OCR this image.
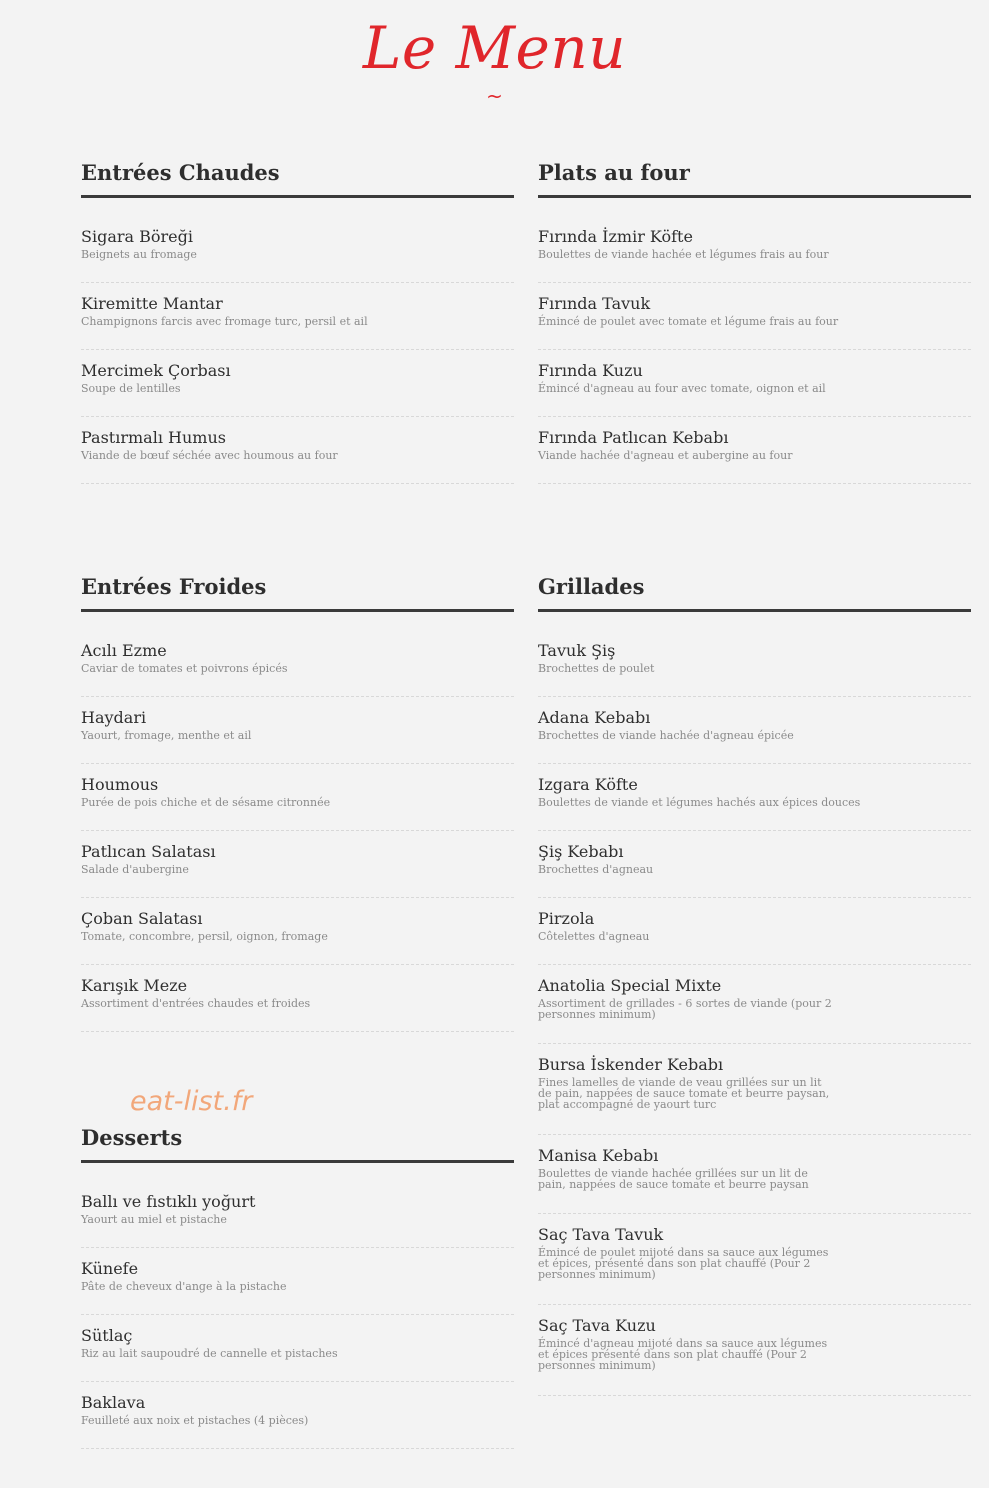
Le Menu
~
Entrées Chaudes
Sigara Böreği
Beignets au fromage
Kiremitte Mantar
Champignons farcis avec fromage turc, persil et ail
Mercimek Çorbası
Soupe de lentilles
Pastırmalı Humus
Viande de bœuf séchée avec houmous au four
Plats au four
Fırında İzmir Köfte
Boulettes de viande hachée et légumes frais au four
Fırında Tavuk
Émincé de poulet avec tomate et légume frais au four
Fırında Kuzu
Émincé d'agneau au four avec tomate, oignon et ail
Fırında Patlıcan Kebabı
Viande hachée d'agneau et aubergine au four
Entrées Froides
Acılı Ezme
Caviar de tomates et poivrons épicés
Haydari
Yaourt, fromage, menthe et ail
Houmous
Purée de pois chiche et de sésame citronnée
Patlıcan Salatası
Salade d'aubergine
Çoban Salatası
Tomate, concombre, persil, oignon, fromage
Karışık Meze
Assortiment d'entrées chaudes et froides
Grillades
Tavuk Şiş
Brochettes de poulet
Adana Kebabı
Brochettes de viande hachée d'agneau épicée
Izgara Köfte
Boulettes de viande et légumes hachés aux épices douces
Şiş Kebabı
Brochettes d'agneau
Pirzola
Côtelettes d'agneau
Anatolia Special Mixte
Assortiment de grillades - 6 sortes de viande (pour 2 personnes minimum)
Bursa İskender Kebabı
Fines lamelles de viande de veau grillées sur un lit de pain, nappées de sauce tomate et beurre paysan, plat accompagné de yaourt turc
Manisa Kebabı
Boulettes de viande hachée grillées sur un lit de pain, nappées de sauce tomate et beurre paysan
Saç Tava Tavuk
Émincé de poulet mijoté dans sa sauce aux légumes et épices, présenté dans son plat chauffé (Pour 2 personnes minimum)
Saç Tava Kuzu
Émincé d'agneau mijoté dans sa sauce aux légumes et épices présenté dans son plat chauffé (Pour 2 personnes minimum)
eat-list.fr
Desserts
Ballı ve fıstıklı yoğurt
Yaourt au miel et pistache
Künefe
Pâte de cheveux d'ange à la pistache
Sütlaç
Riz au lait saupoudré de cannelle et pistaches
Baklava
Feuilleté aux noix et pistaches (4 pièces)
